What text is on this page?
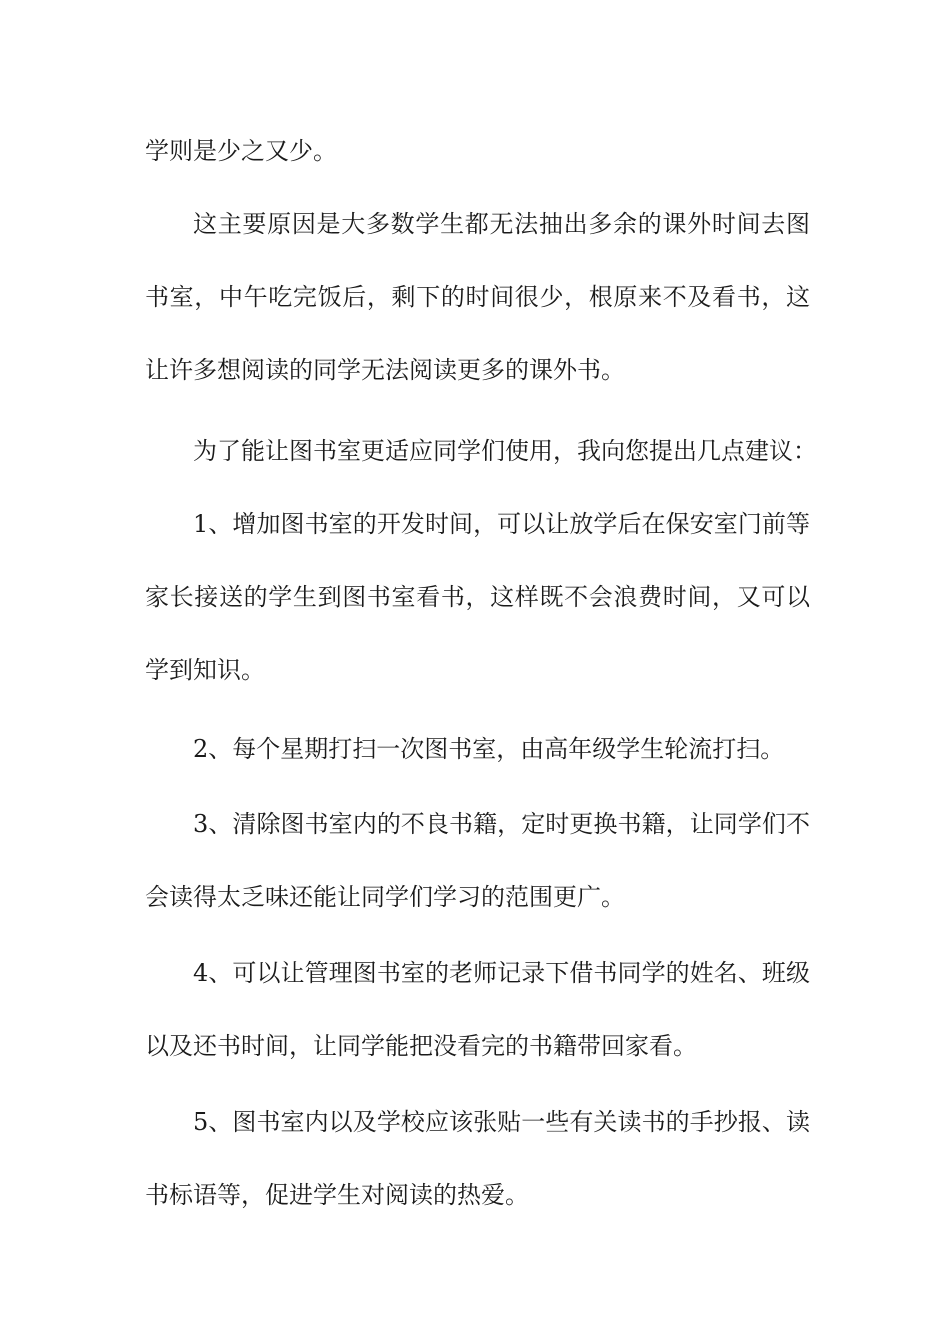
学则是少之又少。

这主要原因是大多数学生都无法抽出多余的课外时间去图
书室，中午吃完饭后，剩下的时间很少，根原来不及看书，这
让许多想阅读的同学无法阅读更多的课外书。

为了能让图书室更适应同学们使用，我向您提出几点建议：

1、增加图书室的开发时间，可以让放学后在保安室门前等
家长接送的学生到图书室看书，这样既不会浪费时间，又可以
学到知识。

2、每个星期打扫一次图书室，由高年级学生轮流打扫。

3、清除图书室内的不良书籍，定时更换书籍，让同学们不
会读得太乏味还能让同学们学习的范围更广。

4、可以让管理图书室的老师记录下借书同学的姓名、班级
以及还书时间，让同学能把没看完的书籍带回家看。

5、图书室内以及学校应该张贴一些有关读书的手抄报、读
书标语等，促进学生对阅读的热爱。
